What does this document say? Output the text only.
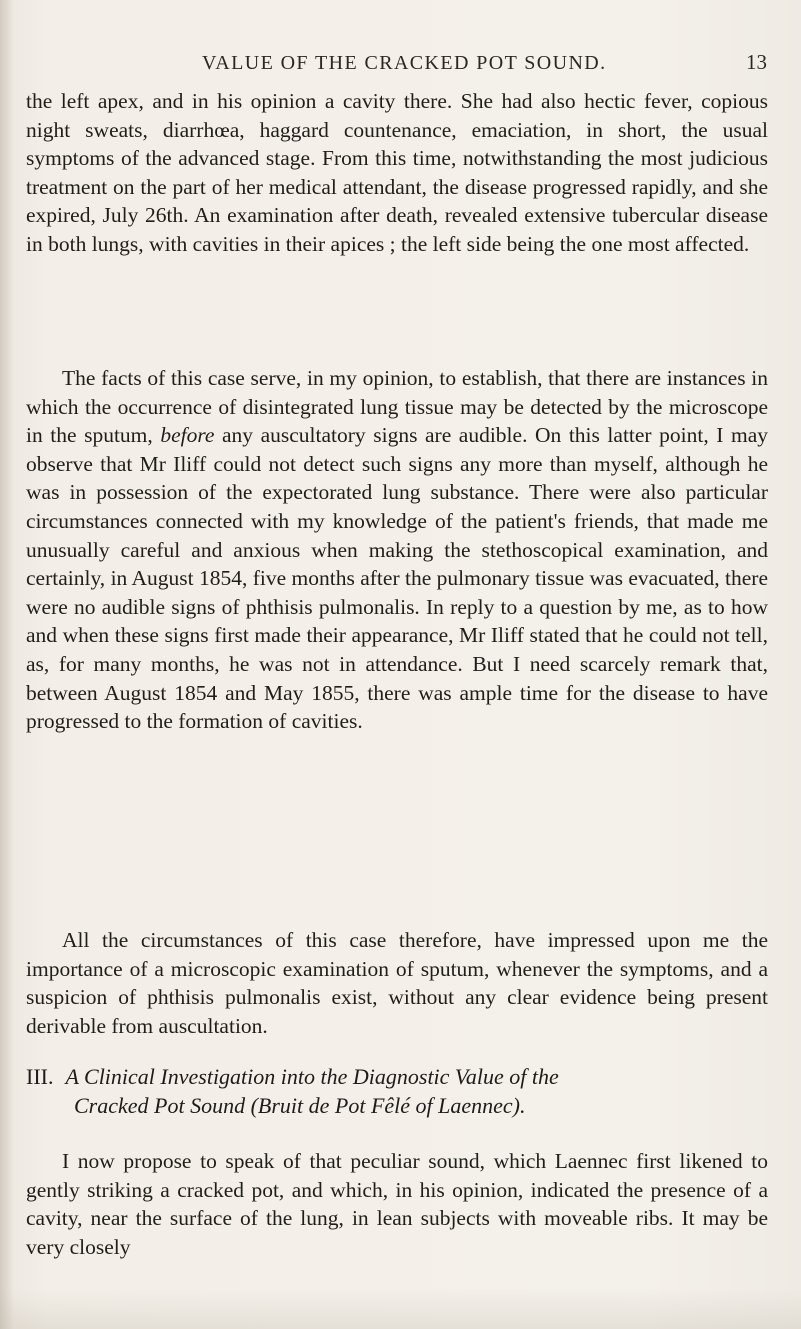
VALUE OF THE CRACKED POT SOUND.	13

the left apex, and in his opinion a cavity there. She had also hectic fever, copious night sweats, diarrhœa, haggard countenance, emaciation, in short, the usual symptoms of the advanced stage. From this time, notwithstanding the most judicious treatment on the part of her medical attendant, the disease progressed rapidly, and she expired, July 26th. An examination after death, revealed extensive tubercular disease in both lungs, with cavities in their apices ; the left side being the one most affected.

The facts of this case serve, in my opinion, to establish, that there are instances in which the occurrence of disintegrated lung tissue may be detected by the microscope in the sputum, before any auscultatory signs are audible. On this latter point, I may observe that Mr Iliff could not detect such signs any more than myself, although he was in possession of the expectorated lung substance. There were also particular circumstances connected with my knowledge of the patient's friends, that made me unusually careful and anxious when making the stethoscopical examination, and certainly, in August 1854, five months after the pulmonary tissue was evacuated, there were no audible signs of phthisis pulmonalis. In reply to a question by me, as to how and when these signs first made their appearance, Mr Iliff stated that he could not tell, as, for many months, he was not in attendance. But I need scarcely remark that, between August 1854 and May 1855, there was ample time for the disease to have progressed to the formation of cavities.

All the circumstances of this case therefore, have impressed upon me the importance of a microscopic examination of sputum, whenever the symptoms, and a suspicion of phthisis pulmonalis exist, without any clear evidence being present derivable from auscultation.

III. A Clinical Investigation into the Diagnostic Value of the
Cracked Pot Sound (Bruit de Pot Fêlé of Laennec).

I now propose to speak of that peculiar sound, which Laennec first likened to gently striking a cracked pot, and which, in his opinion, indicated the presence of a cavity, near the surface of the lung, in lean subjects with moveable ribs. It may be very closely
